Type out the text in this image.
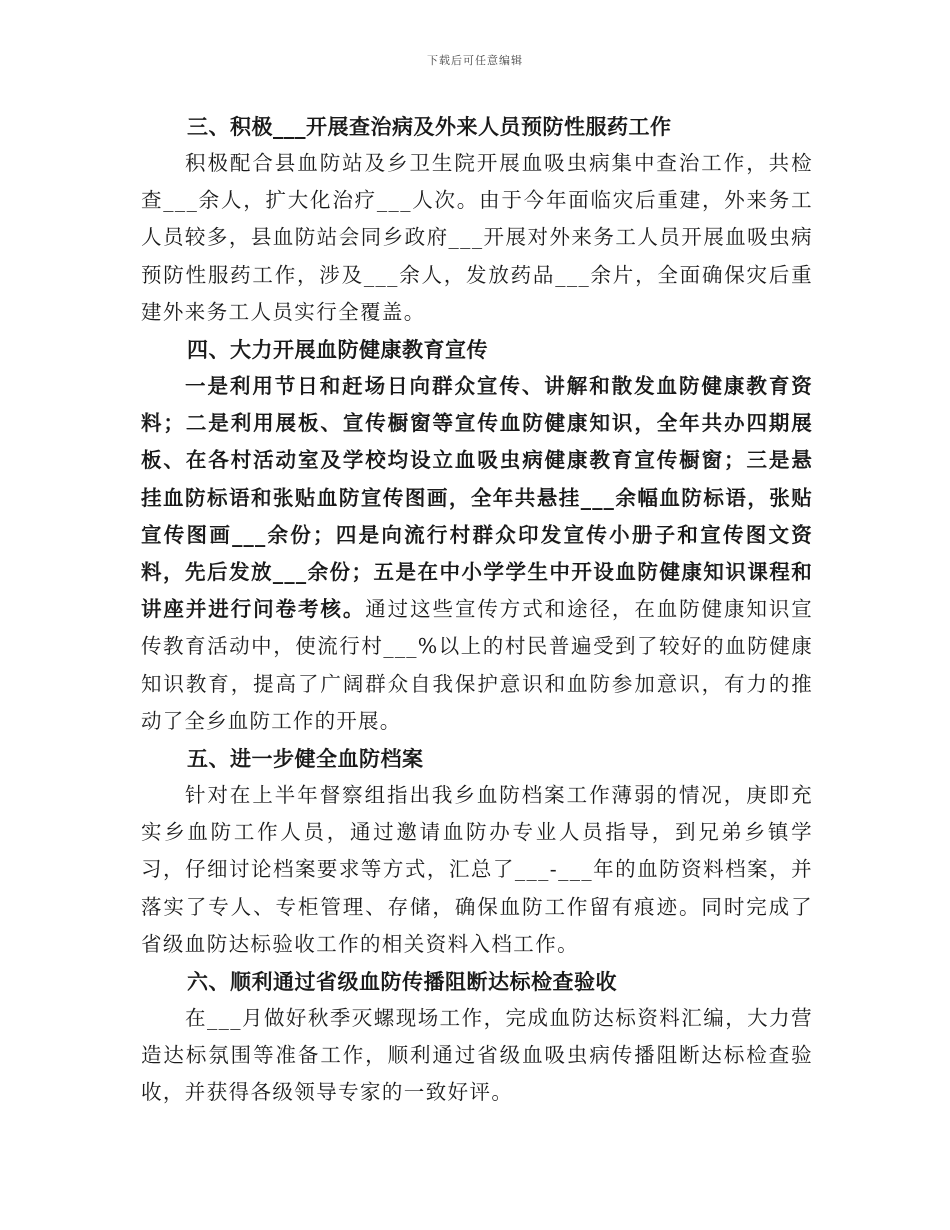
下载后可任意编辑

三、积极___开展查治病及外来人员预防性服药工作

积极配合县血防站及乡卫生院开展血吸虫病集中查治工作，共检查___余人，扩大化治疗___人次。由于今年面临灾后重建，外来务工人员较多，县血防站会同乡政府___开展对外来务工人员开展血吸虫病预防性服药工作，涉及___余人，发放药品___余片，全面确保灾后重建外来务工人员实行全覆盖。

四、大力开展血防健康教育宣传

一是利用节日和赶场日向群众宣传、讲解和散发血防健康教育资料；二是利用展板、宣传橱窗等宣传血防健康知识，全年共办四期展板、在各村活动室及学校均设立血吸虫病健康教育宣传橱窗；三是悬挂血防标语和张贴血防宣传图画，全年共悬挂___余幅血防标语，张贴宣传图画___余份；四是向流行村群众印发宣传小册子和宣传图文资料，先后发放___余份；五是在中小学学生中开设血防健康知识课程和讲座并进行问卷考核。通过这些宣传方式和途径，在血防健康知识宣传教育活动中，使流行村___%以上的村民普遍受到了较好的血防健康知识教育，提高了广阔群众自我保护意识和血防参加意识，有力的推动了全乡血防工作的开展。

五、进一步健全血防档案

针对在上半年督察组指出我乡血防档案工作薄弱的情况，庚即充实乡血防工作人员，通过邀请血防办专业人员指导，到兄弟乡镇学习，仔细讨论档案要求等方式，汇总了___-___年的血防资料档案，并落实了专人、专柜管理、存储，确保血防工作留有痕迹。同时完成了省级血防达标验收工作的相关资料入档工作。

六、顺利通过省级血防传播阻断达标检查验收

在___月做好秋季灭螺现场工作，完成血防达标资料汇编，大力营造达标氛围等准备工作，顺利通过省级血吸虫病传播阻断达标检查验收，并获得各级领导专家的一致好评。
